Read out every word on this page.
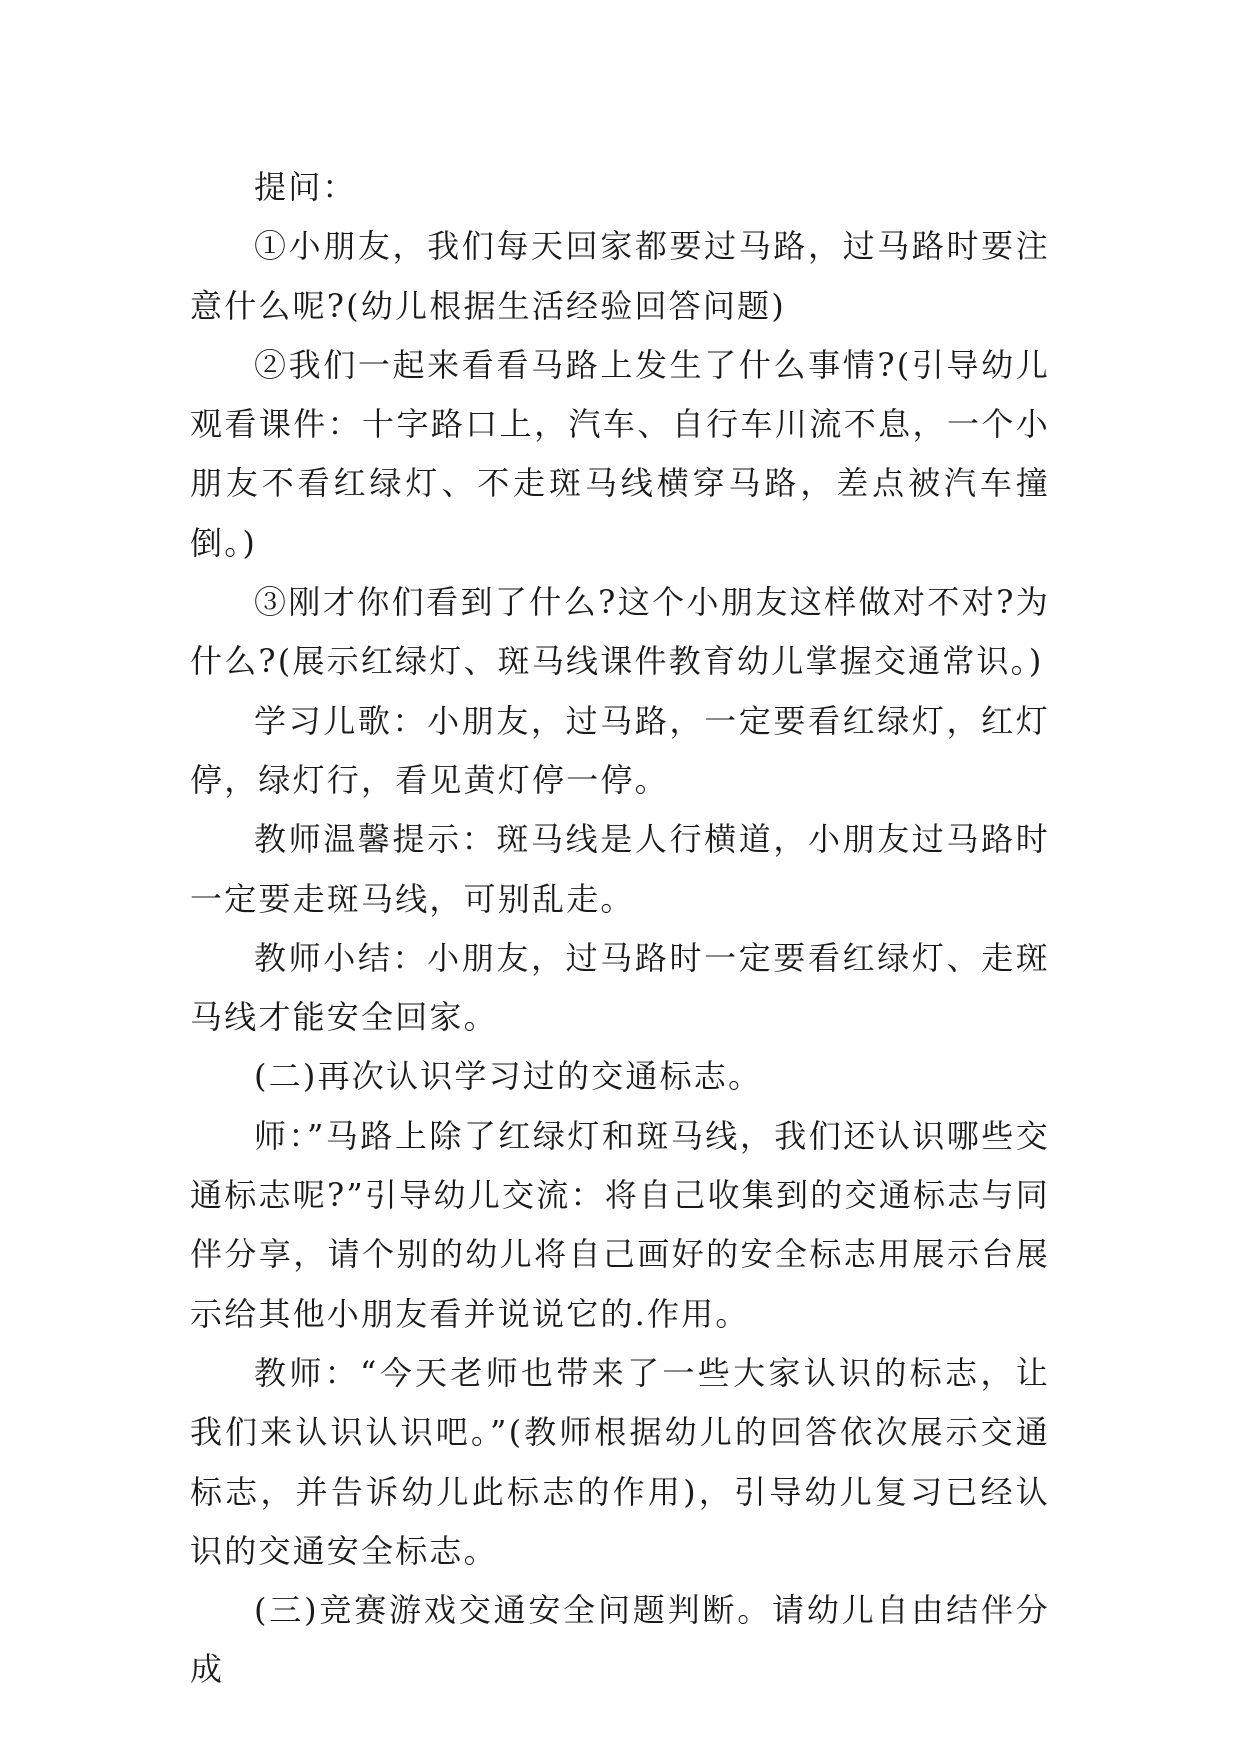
提问：

①小朋友，我们每天回家都要过马路，过马路时要注意什么呢?(幼儿根据生活经验回答问题)

②我们一起来看看马路上发生了什么事情?(引导幼儿观看课件：十字路口上，汽车、自行车川流不息，一个小朋友不看红绿灯、不走斑马线横穿马路，差点被汽车撞倒。)

③刚才你们看到了什么?这个小朋友这样做对不对?为什么?(展示红绿灯、斑马线课件教育幼儿掌握交通常识。)

学习儿歌：小朋友，过马路，一定要看红绿灯，红灯停，绿灯行，看见黄灯停一停。

教师温馨提示：斑马线是人行横道，小朋友过马路时一定要走斑马线，可别乱走。

教师小结：小朋友，过马路时一定要看红绿灯、走斑马线才能安全回家。

(二)再次认识学习过的交通标志。

师：”马路上除了红绿灯和斑马线，我们还认识哪些交通标志呢?”引导幼儿交流：将自己收集到的交通标志与同伴分享，请个别的幼儿将自己画好的安全标志用展示台展示给其他小朋友看并说说它的.作用。

教师：“今天老师也带来了一些大家认识的标志，让我们来认识认识吧。”(教师根据幼儿的回答依次展示交通标志，并告诉幼儿此标志的作用)，引导幼儿复习已经认识的交通安全标志。

(三)竞赛游戏交通安全问题判断。请幼儿自由结伴分成
